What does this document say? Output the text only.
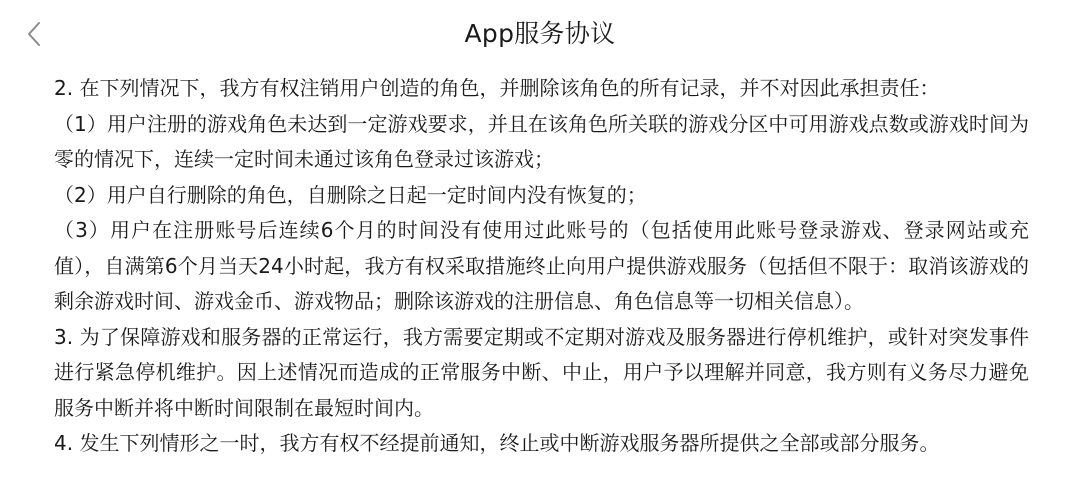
App服务协议

2. 在下列情况下，我方有权注销用户创造的角色，并删除该角色的所有记录，并不对因此承担责任：

（1）用户注册的游戏角色未达到一定游戏要求，并且在该角色所关联的游戏分区中可用游戏点数或游戏时间为零的情况下，连续一定时间未通过该角色登录过该游戏；

（2）用户自行删除的角色，自删除之日起一定时间内没有恢复的；

（3）用户在注册账号后连续6个月的时间没有使用过此账号的（包括使用此账号登录游戏、登录网站或充值），自满第6个月当天24小时起，我方有权采取措施终止向用户提供游戏服务（包括但不限于：取消该游戏的剩余游戏时间、游戏金币、游戏物品；删除该游戏的注册信息、角色信息等一切相关信息）。

3. 为了保障游戏和服务器的正常运行，我方需要定期或不定期对游戏及服务器进行停机维护，或针对突发事件进行紧急停机维护。因上述情况而造成的正常服务中断、中止，用户予以理解并同意，我方则有义务尽力避免服务中断并将中断时间限制在最短时间内。

4. 发生下列情形之一时，我方有权不经提前通知，终止或中断游戏服务器所提供之全部或部分服务。
